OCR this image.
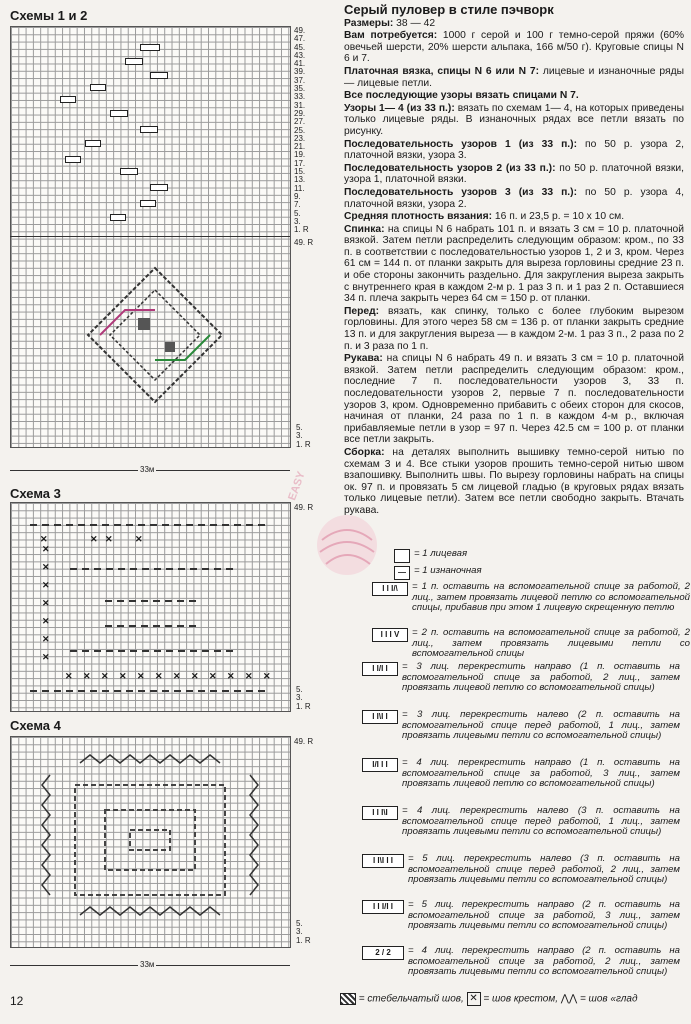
Схемы 1 и 2
49. R
49.
47.
45.
43.
41.
39.
37.
35.
33.
31.
29.
27.
25.
23.
21.
19.
17.
15.
13.
11.
9.
7.
5.
3.
1. R
5.
3.
1. R
33м
Схема 3
49. R
5.
3.
1. R
✕	✕ ✕ ✕
✕ ✕ ✕ ✕ ✕ ✕ ✕ ✕ ✕ ✕ ✕ ✕
✕
✕
✕
✕
✕
✕
✕
Схема 4
49. R
5.
3.
1. R
33м
EASY
Серый пуловер в стиле пэчворк

Размеры: 38 — 42

Вам потребуется: 1000 г серой и 100 г темно-серой пряжи (60% овечьей шерсти, 20% шерсти альпака, 166 м/50 г). Круговые спицы N 6 и 7.

Платочная вязка, спицы N 6 или N 7: лицевые и изнаночные ряды — лицевые петли.

Все последующие узоры вязать спицами N 7.

Узоры 1— 4 (из 33 п.): вязать по схемам 1— 4, на которых приведены только лицевые ряды. В изнаночных рядах все петли вязать по рисунку.

Последовательность узоров 1 (из 33 п.): по 50 р. узора 2, платочной вязки, узора 3.

Последовательность узоров 2 (из 33 п.): по 50 р. платочной вязки, узора 1, платочной вязки.

Последовательность узоров 3 (из 33 п.): по 50 р. узора 4, платочной вязки, узора 2.

Средняя плотность вязания: 16 п. и 23,5 р. = 10 х 10 см.

Спинка: на спицы N 6 набрать 101 п. и вязать 3 см = 10 р. платочной вязкой. Затем петли распределить следующим образом: кром., по 33 п. в соответствии с последовательностью узоров 1, 2 и 3, кром. Через 61 см = 144 п. от планки закрыть для выреза горловины средние 23 п. и обе стороны закончить раздельно. Для закругления выреза закрыть с внутреннего края в каждом 2-м р. 1 раз 3 п. и 1 раз 2 п. Оставшиеся 34 п. плеча закрыть через 64 см = 150 р. от планки.

Перед: вязать, как спинку, только с более глубоким вырезом горловины. Для этого через 58 см = 136 р. от планки закрыть средние 13 п. и для закругления выреза — в каждом 2-м. 1 раз 3 п., 2 раза по 2 п. и 3 раза по 1 п.

Рукава: на спицы N 6 набрать 49 п. и вязать 3 см = 10 р. платочной вязкой. Затем петли распределить следующим образом: кром., последние 7 п. последовательности узоров 3, 33 п. последовательности узоров 2, первые 7 п. последовательности узоров 3, кром. Одновременно прибавить с обеих сторон для скосов, начиная от планки, 24 раза по 1 п. в каждом 4-м р., включая прибавляемые петли в узор = 97 п. Через 42.5 см = 100 р. от планки все петли закрыть.

Сборка: на деталях выполнить вышивку темно-серой нитью по схемам 3 и 4. Все стыки узоров прошить темно-серой нитью швом взапошивку. Выполнить швы. По вырезу горловины набрать на спицы ок. 97 п. и провязать 5 см лицевой гладью (в круговых рядах вязать только лицевые петли). Затем все петли свободно закрыть. Втачать рукава.

= 1 лицевая
— = 1 изнаночная
I I I/\	= 1 п. оставить на вспомогательной спице за работой, 2 лиц., затем провязать лицевой петлю со вспомогательной спицы, прибавив при этом 1 лицевую скрещенную петлю
I I I V	= 2 п. оставить на вспомогательной спице за работой, 2 лиц., затем провязать лицевыми петли со вспомогательной спицы
I I/I I	= 3 лиц. перекрестить направо (1 п. оставить на вспомогательной спице за работой, 2 лиц., затем провязать лицевой петлю со вспомогательной спицы)
I I\I I	= 3 лиц. перекрестить налево (2 п. оставить на вспомогательной спице перед работой, 1 лиц., затем провязать лицевыми петли со вспомогательной спицы)
I/I I I	= 4 лиц. перекрестить направо (1 п. оставить на вспомогательной спице за работой, 3 лиц., затем провязать лицевой петлю со вспомогательной спицы)
I I I\I	= 4 лиц. перекрестить налево (3 п. оставить на вспомогательной спице перед работой, 1 лиц., затем провязать лицевыми петли со вспомогательной спицы)
I I\I I I	= 5 лиц. перекрестить налево (3 п. оставить на вспомогательной спице перед работой, 2 лиц., затем провязать лицевыми петли со вспомогательной спицы)
I I I/I I	= 5 лиц. перекрестить направо (2 п. оставить на вспомогательной спице за работой, 3 лиц., затем провязать лицевыми петли со вспомогательной спицы)
2 / 2	= 4 лиц. перекрестить направо (2 п. оставить на вспомогательной спице за работой, 2 лиц., затем провязать лицевыми петли со вспомогательной спицы)
12	= стебельчатый шов, ✕ = шов крестом, ⋀⋀ = шов «глад
